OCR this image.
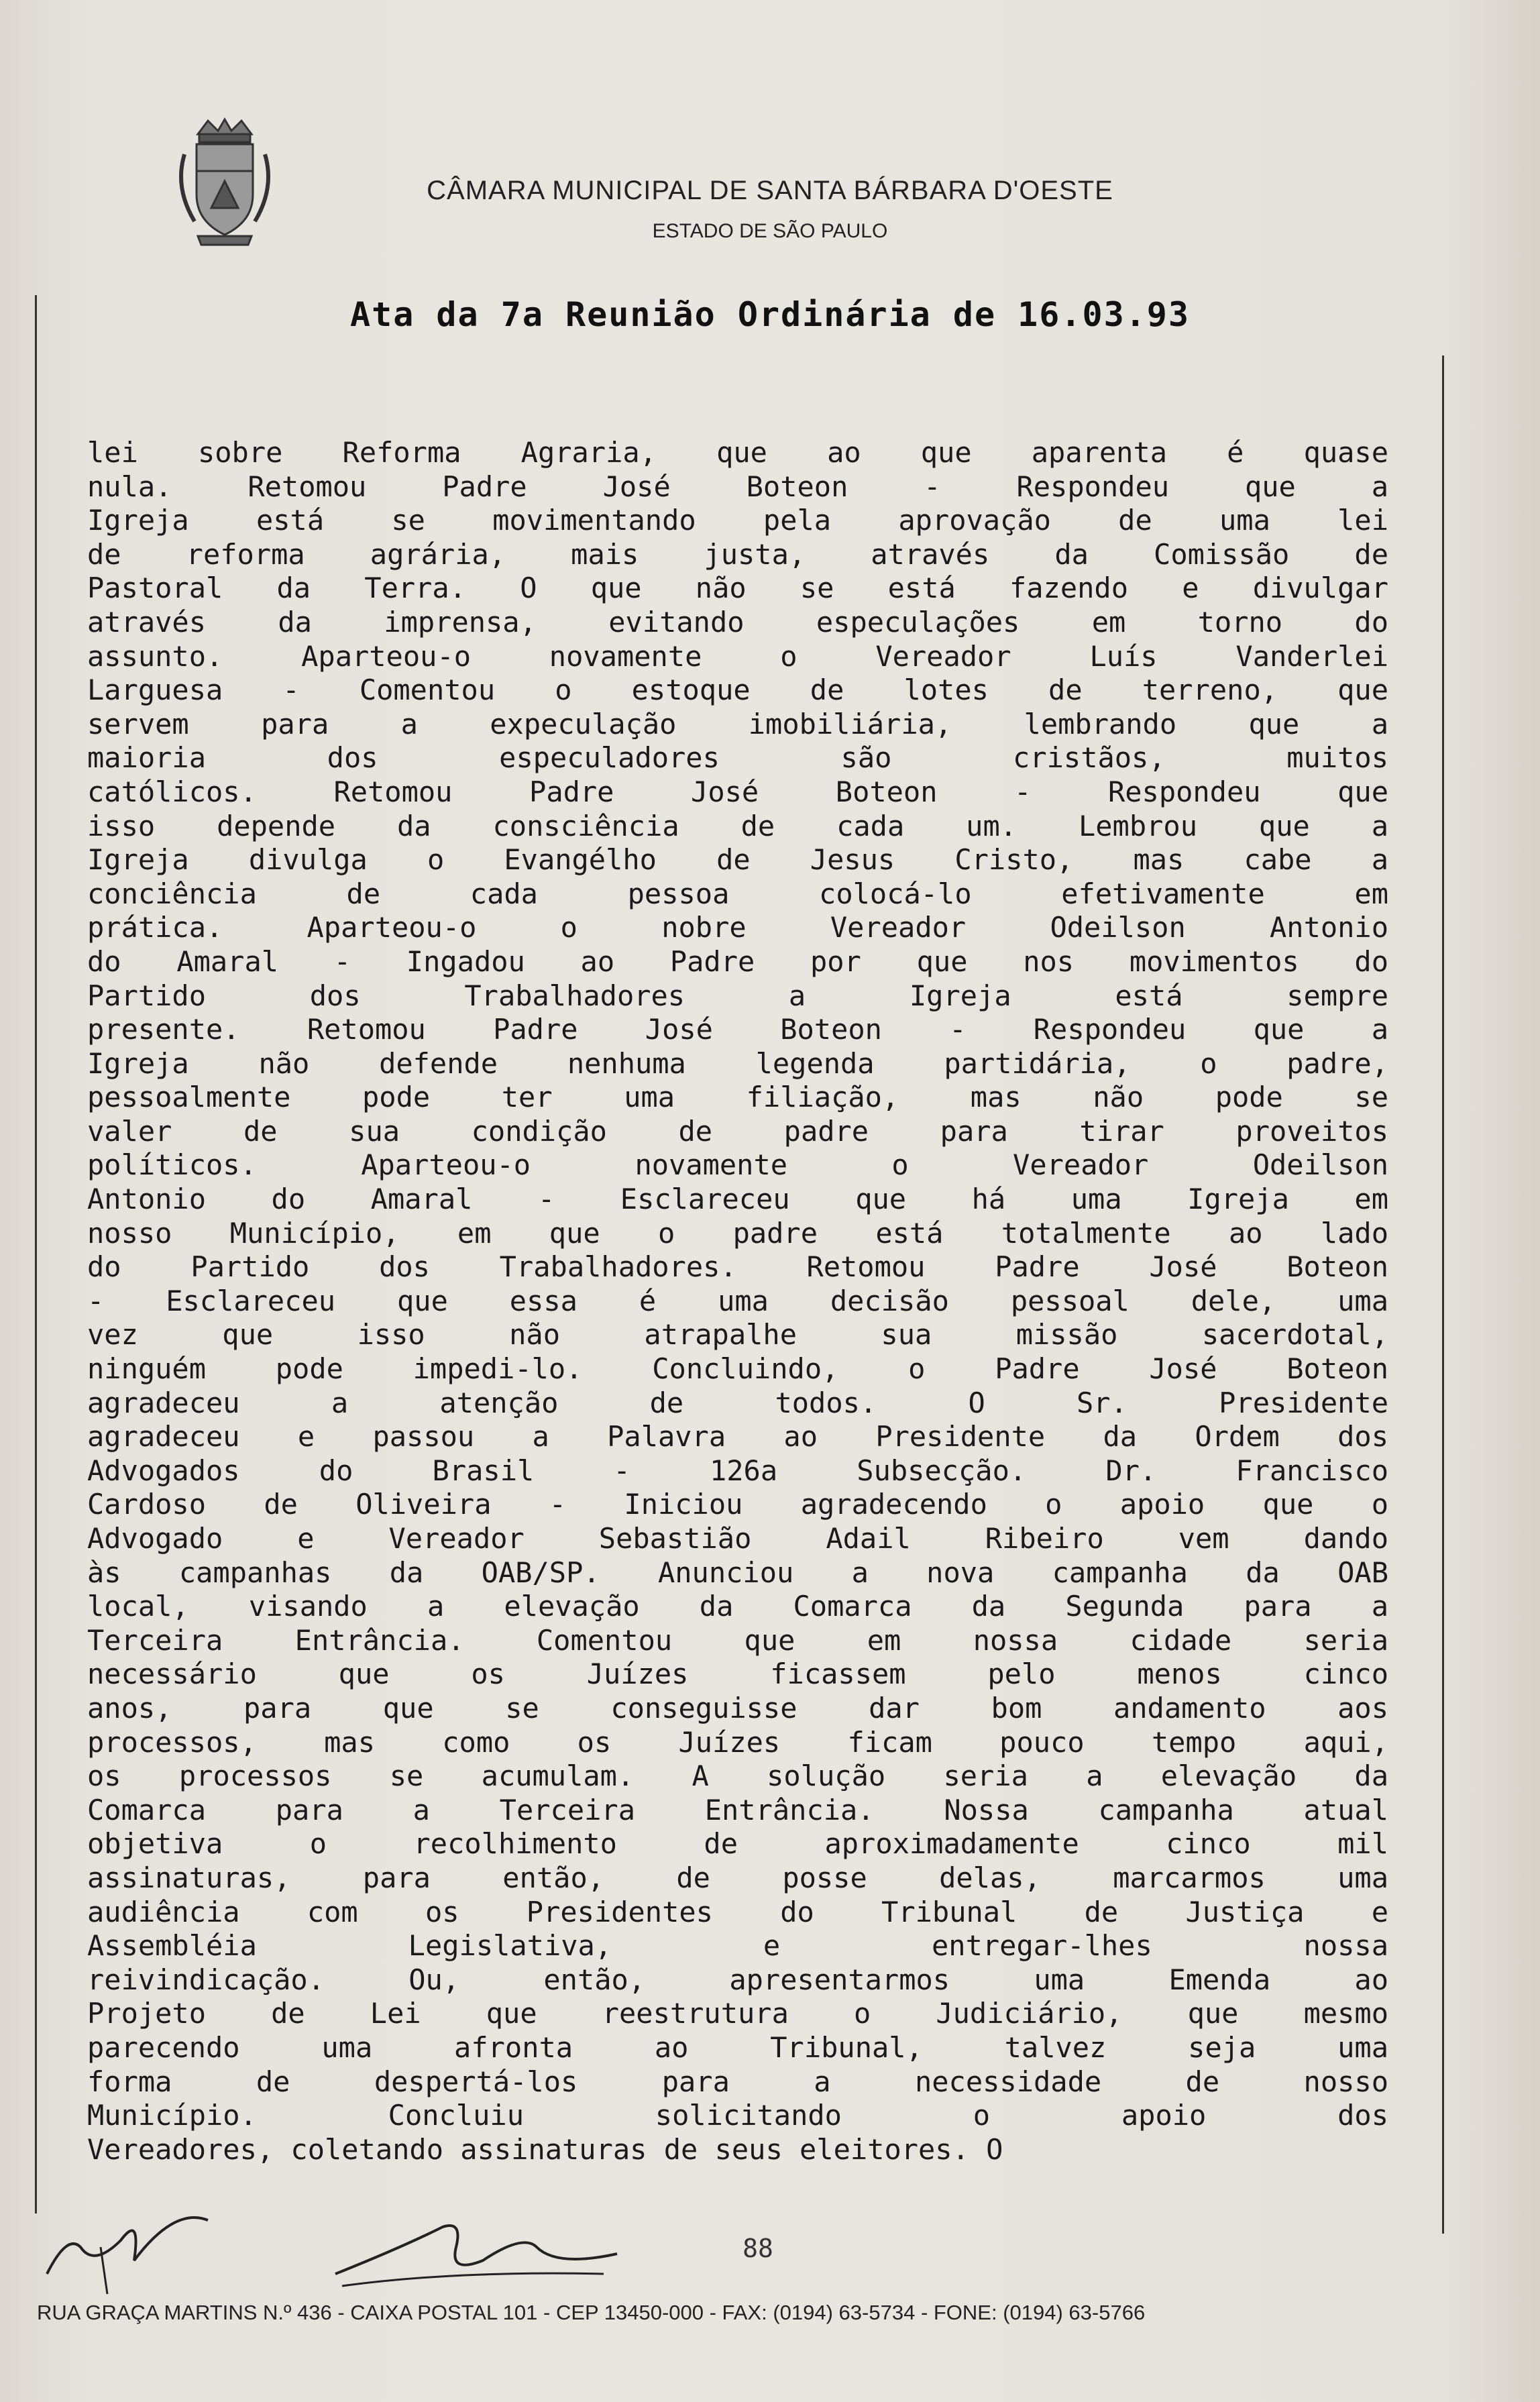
CÂMARA MUNICIPAL DE SANTA BÁRBARA D'OESTE
ESTADO DE SÃO PAULO
Ata da 7a Reunião Ordinária de 16.03.93
lei sobre Reforma Agraria, que ao que aparenta é quase
nula. Retomou Padre José Boteon - Respondeu que a
Igreja está se movimentando pela aprovação de uma lei
de reforma agrária, mais justa, através da Comissão de
Pastoral da Terra. O que não se está fazendo e divulgar
através da imprensa, evitando especulações em torno do
assunto. Aparteou-o novamente o Vereador Luís Vanderlei
Larguesa - Comentou o estoque de lotes de terreno, que
servem para a expeculação imobiliária, lembrando que a
maioria dos especuladores são cristãos, muitos
católicos. Retomou Padre José Boteon - Respondeu que
isso depende da consciência de cada um. Lembrou que a
Igreja divulga o Evangélho de Jesus Cristo, mas cabe a
conciência de cada pessoa colocá-lo efetivamente em
prática. Aparteou-o o nobre Vereador Odeilson Antonio
do Amaral - Ingadou ao Padre por que nos movimentos do
Partido dos Trabalhadores a Igreja está sempre
presente. Retomou Padre José Boteon - Respondeu que a
Igreja não defende nenhuma legenda partidária, o padre,
pessoalmente pode ter uma filiação, mas não pode se
valer de sua condição de padre para tirar proveitos
políticos. Aparteou-o novamente o Vereador Odeilson
Antonio do Amaral - Esclareceu que há uma Igreja em
nosso Município, em que o padre está totalmente ao lado
do Partido dos Trabalhadores. Retomou Padre José Boteon
- Esclareceu que essa é uma decisão pessoal dele, uma
vez que isso não atrapalhe sua missão sacerdotal,
ninguém pode impedi-lo. Concluindo, o Padre José Boteon
agradeceu a atenção de todos. O Sr. Presidente
agradeceu e passou a Palavra ao Presidente da Ordem dos
Advogados do Brasil - 126a Subsecção. Dr. Francisco
Cardoso de Oliveira - Iniciou agradecendo o apoio que o
Advogado e Vereador Sebastião Adail Ribeiro vem dando
às campanhas da OAB/SP. Anunciou a nova campanha da OAB
local, visando a elevação da Comarca da Segunda para a
Terceira Entrância. Comentou que em nossa cidade seria
necessário que os Juízes ficassem pelo menos cinco
anos, para que se conseguisse dar bom andamento aos
processos, mas como os Juízes ficam pouco tempo aqui,
os processos se acumulam. A solução seria a elevação da
Comarca para a Terceira Entrância. Nossa campanha atual
objetiva o recolhimento de aproximadamente cinco mil
assinaturas, para então, de posse delas, marcarmos uma
audiência com os Presidentes do Tribunal de Justiça e
Assembléia Legislativa, e entregar-lhes nossa
reivindicação. Ou, então, apresentarmos uma Emenda ao
Projeto de Lei que reestrutura o Judiciário, que mesmo
parecendo uma afronta ao Tribunal, talvez seja uma
forma de despertá-los para a necessidade de nosso
Município. Concluiu solicitando o apoio dos
Vereadores, coletando assinaturas de seus eleitores. O
88
RUA GRAÇA MARTINS N.º 436 - CAIXA POSTAL 101 - CEP 13450-000 - FAX: (0194) 63-5734 - FONE: (0194) 63-5766
